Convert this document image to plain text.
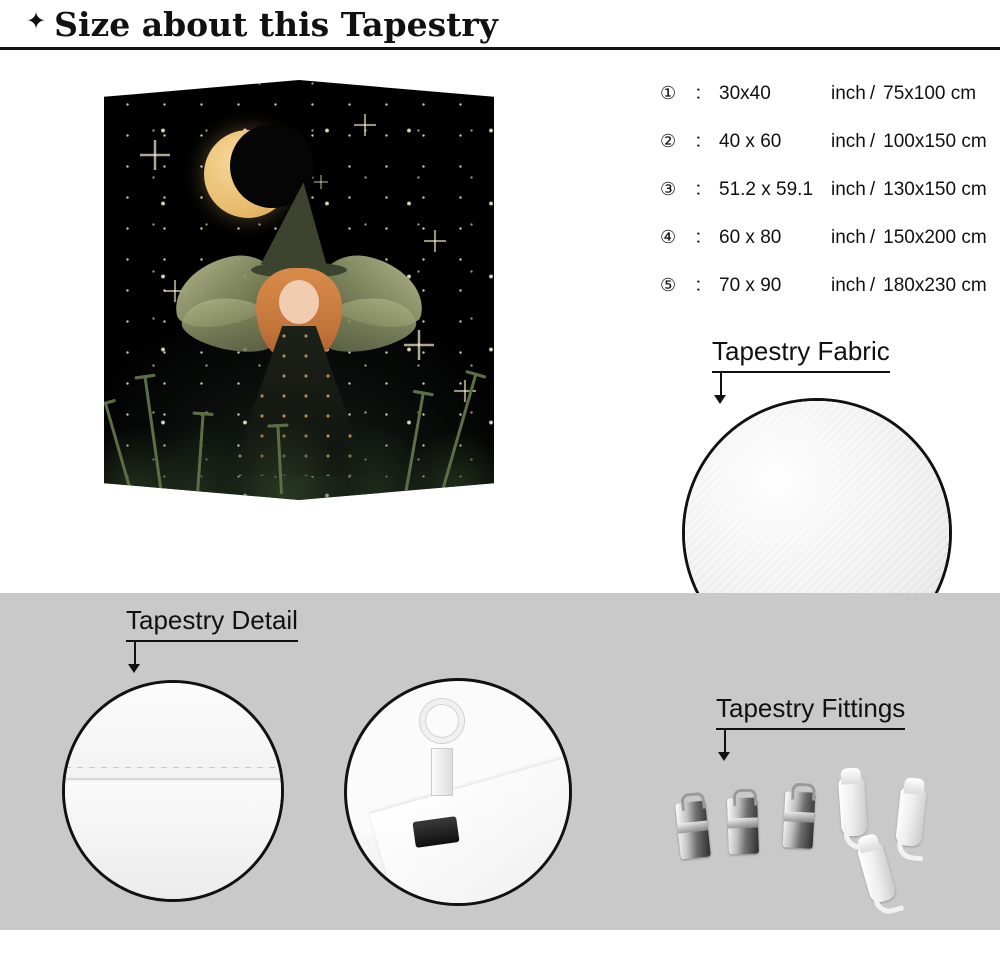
✦ Size about this Tapestry
① ： 30x40	inch / 75x100 cm
② ： 40 x 60	inch / 100x150 cm
③ ： 51.2 x 59.1 inch / 130x150 cm
④ ： 60 x 80	inch / 150x200 cm
⑤ ： 70 x 90	inch / 180x230 cm
Tapestry Fabric
Tapestry Detail
Tapestry Fittings
